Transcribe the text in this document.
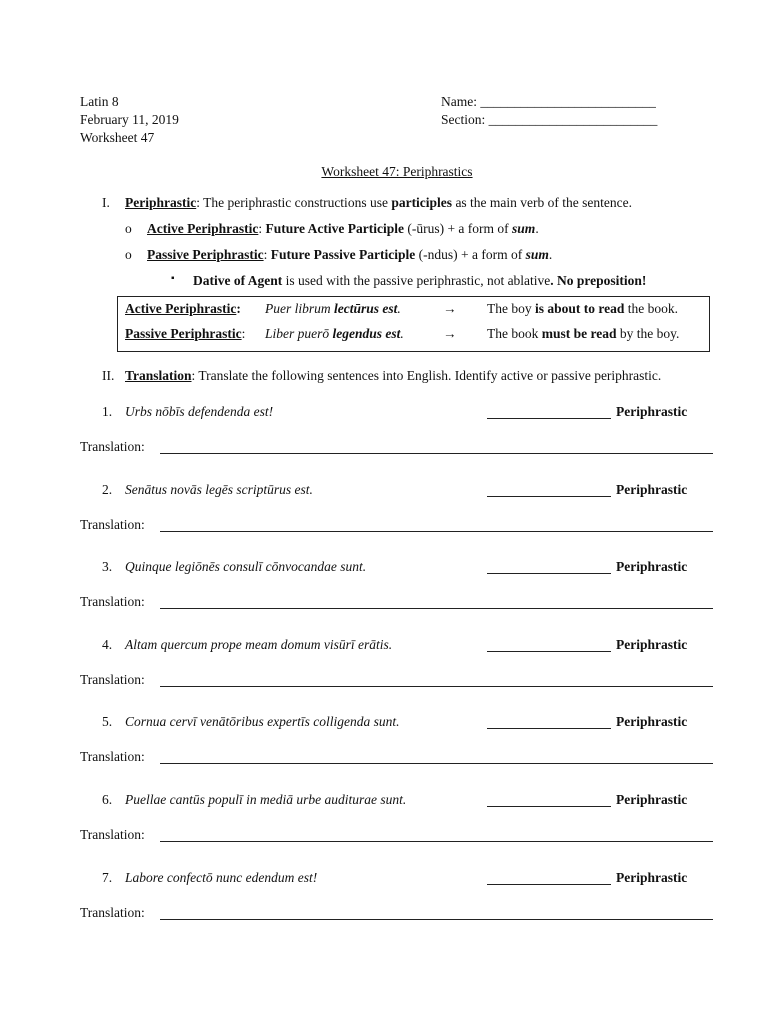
Latin 8
February 11, 2019
Worksheet 47
Name: __________________________
Section: _________________________
Worksheet 47: Periphrastics
I. Periphrastic: The periphrastic constructions use participles as the main verb of the sentence.
o Active Periphrastic: Future Active Participle (-ūrus) + a form of sum.
o Passive Periphrastic: Future Passive Participle (-ndus) + a form of sum.
▪ Dative of Agent is used with the passive periphrastic, not ablative. No preposition!
Active Periphrastic: Puer librum lectūrus est.	→ The boy is about to read the book.
Passive Periphrastic: Liber puerō legendus est.	→ The book must be read by the boy.
II. Translation: Translate the following sentences into English. Identify active or passive periphrastic.
1. Urbs nōbīs defendenda est!	Periphrastic
Translation:
2. Senātus novās legēs scriptūrus est.	Periphrastic
Translation:
3. Quinque legiōnēs consulī cōnvocandae sunt.	Periphrastic
Translation:
4. Altam quercum prope meam domum visūrī erātis.	Periphrastic
Translation:
5. Cornua cervī venātōribus expertīs colligenda sunt.	Periphrastic
Translation:
6. Puellae cantūs populī in mediā urbe auditurae sunt.	Periphrastic
Translation:
7. Labore confectō nunc edendum est!	Periphrastic
Translation:
